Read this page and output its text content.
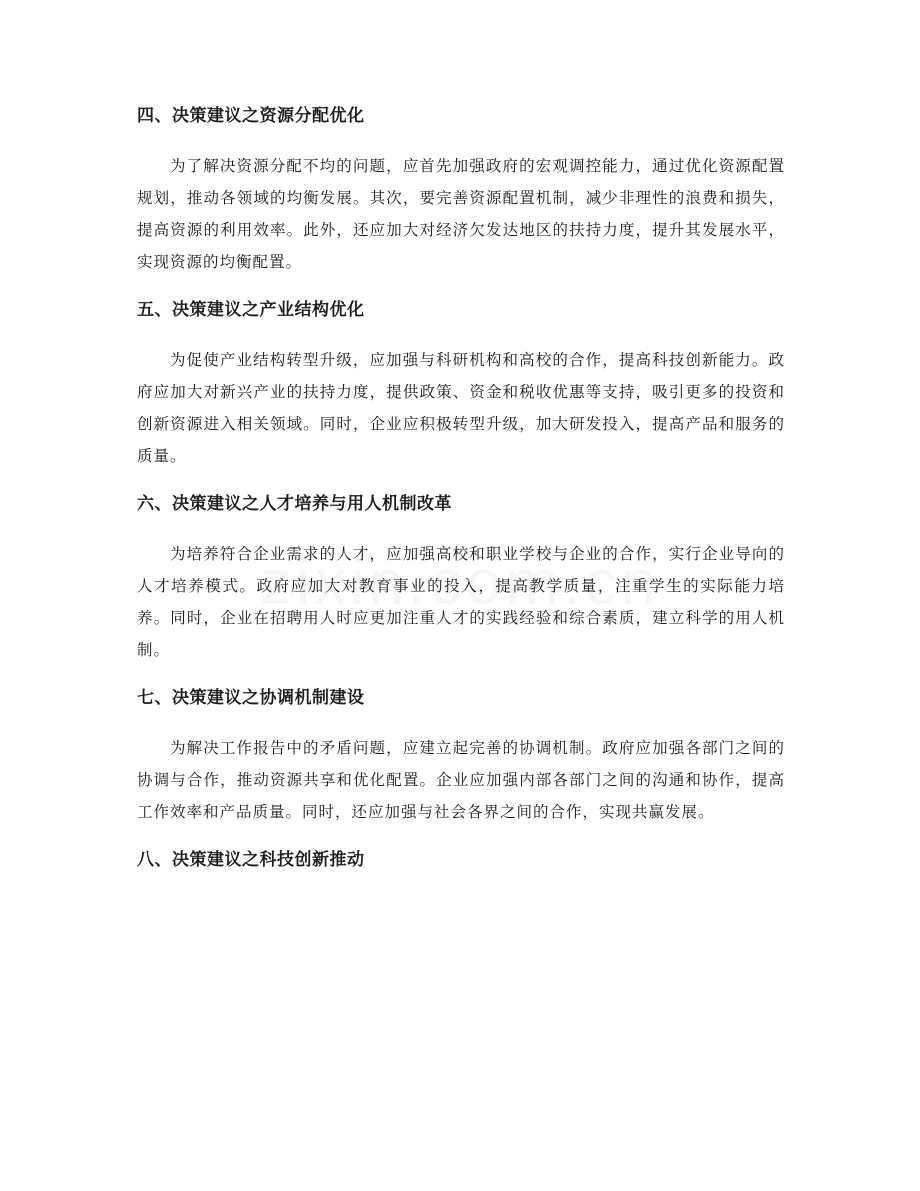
四、决策建议之资源分配优化

为了解决资源分配不均的问题，应首先加强政府的宏观调控能力，通过优化资源配置规划，推动各领域的均衡发展。其次，要完善资源配置机制，减少非理性的浪费和损失，提高资源的利用效率。此外，还应加大对经济欠发达地区的扶持力度，提升其发展水平，实现资源的均衡配置。

五、决策建议之产业结构优化

为促使产业结构转型升级，应加强与科研机构和高校的合作，提高科技创新能力。政府应加大对新兴产业的扶持力度，提供政策、资金和税收优惠等支持，吸引更多的投资和创新资源进入相关领域。同时，企业应积极转型升级，加大研发投入，提高产品和服务的质量。

六、决策建议之人才培养与用人机制改革

为培养符合企业需求的人才，应加强高校和职业学校与企业的合作，实行企业导向的人才培养模式。政府应加大对教育事业的投入，提高教学质量，注重学生的实际能力培养。同时，企业在招聘用人时应更加注重人才的实践经验和综合素质，建立科学的用人机制。

七、决策建议之协调机制建设

为解决工作报告中的矛盾问题，应建立起完善的协调机制。政府应加强各部门之间的协调与合作，推动资源共享和优化配置。企业应加强内部各部门之间的沟通和协作，提高工作效率和产品质量。同时，还应加强与社会各界之间的合作，实现共赢发展。

八、决策建议之科技创新推动
